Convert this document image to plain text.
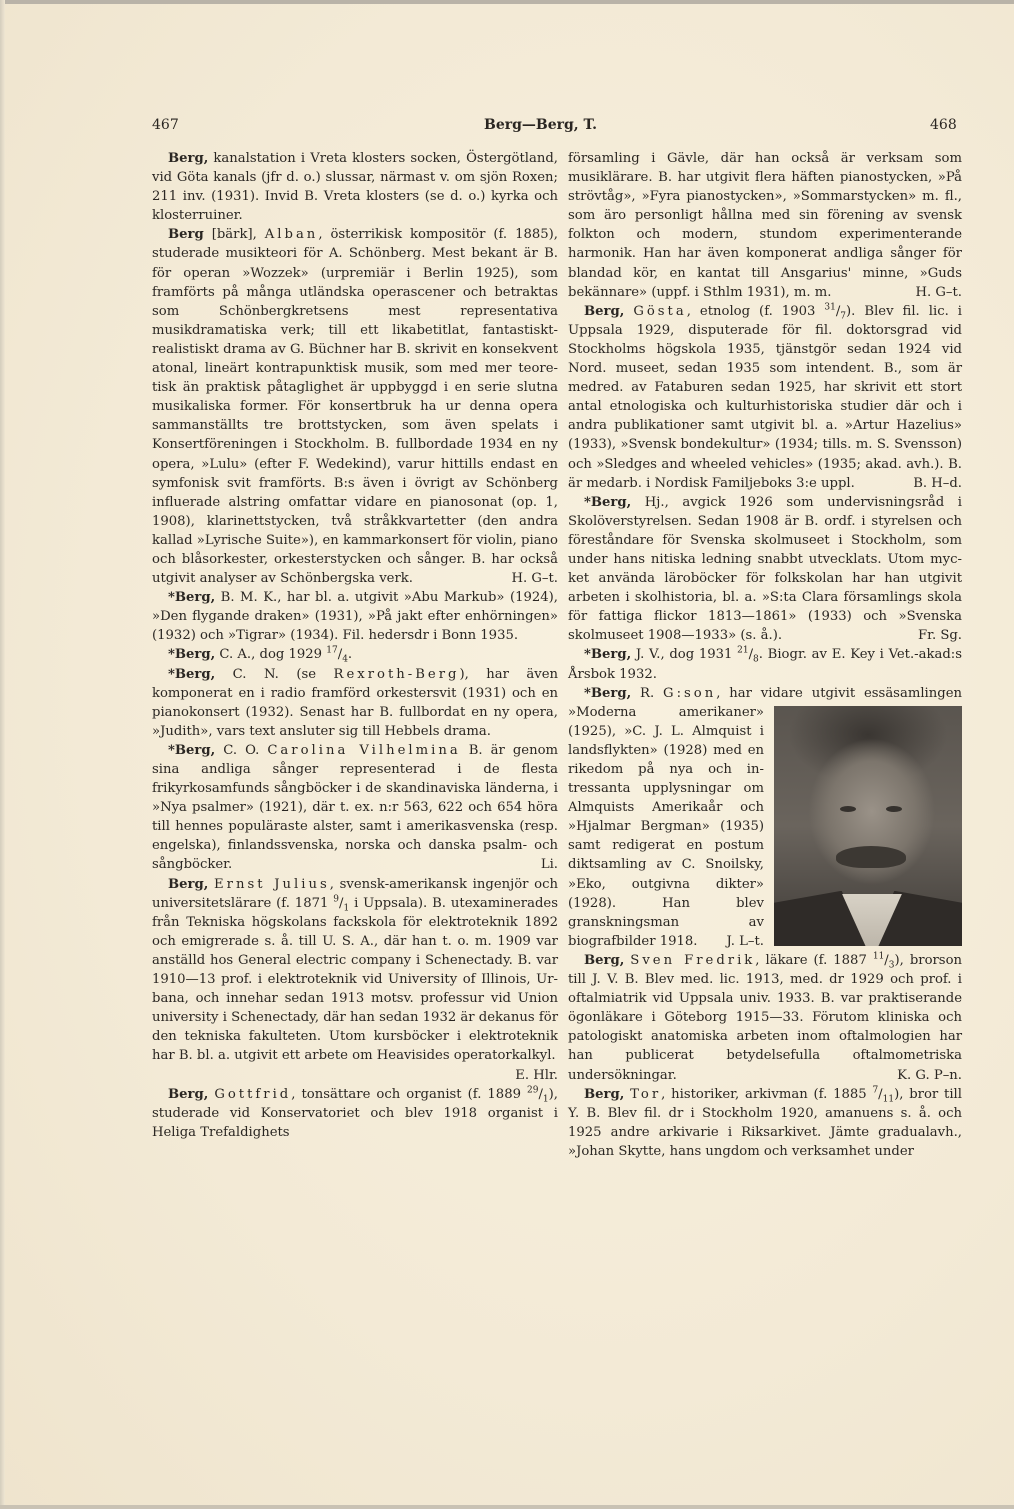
467	Berg—Berg, T.	468

Berg, kanalstation i Vreta klosters socken, Östergötland, vid Göta kanals (jfr d. o.) slussar, närmast v. om sjön Roxen; 211 inv. (1931). Invid B. Vreta klosters (se d. o.) kyrka och klosterruiner.

Berg [bärk], Alban, österrikisk kompositör (f. 1885), studerade musikteori för A. Schönberg. Mest bekant är B. för operan »Wozzek» (urpremiär i Berlin 1925), som framförts på många utländska operascener och betraktas som Schönbergkretsens mest representativa musikdramatiska verk; till ett likabetitlat, fantastiskt-realistiskt drama av G. Büchner har B. skrivit en konsekvent atonal, lineärt kontrapunktisk musik, som med mer teoretisk än praktisk påtaglighet är uppbyggd i en serie slutna musikaliska former. För konsertbruk ha ur denna opera sammanställts tre brottstycken, som även spelats i Konsertföreningen i Stockholm. B. fullbordade 1934 en ny opera, »Lulu» (efter F. Wedekind), varur hittills endast en symfonisk svit framförts. B:s även i övrigt av Schönberg influerade alstring omfattar vidare en pianosonat (op. 1, 1908), klarinettstycken, två stråkkvartetter (den andra kallad »Lyrische Suite»), en kammarkonsert för violin, piano och blåsorkester, orkesterstycken och sånger. B. har också utgivit analyser av Schönbergska verk.	H. G–t.

*Berg, B. M. K., har bl. a. utgivit »Abu Markub» (1924), »Den flygande draken» (1931), »På jakt efter enhörningen» (1932) och »Tigrar» (1934). Fil. hedersdr i Bonn 1935.

*Berg, C. A., dog 1929 $^{17}/_4$.

*Berg, C. N. (se Rexroth-Berg), har även komponerat en i radio framförd orkestersvit (1931) och en pianokonsert (1932). Senast har B. fullbordat en ny opera, »Judith», vars text ansluter sig till Hebbels drama.

*Berg, C. O. Carolina Vilhelmina B. är genom sina andliga sånger representerad i de flesta frikyrkosamfunds sångböcker i de skandinaviska länderna, i »Nya psalmer» (1921), där t. ex. n:r 563, 622 och 654 höra till hennes populäraste alster, samt i amerikasvenska (resp. engelska), finlandssvenska, norska och danska psalm- och sångböcker.	Li.

Berg, Ernst Julius, svensk-amerikansk ingenjör och universitetslärare (f. 1871 $^9/_1$ i Uppsala). B. utexaminerades från Tekniska högskolans fackskola för elektroteknik 1892 och emigrerade s. å. till U. S. A., där han t. o. m. 1909 var anställd hos General electric company i Schenectady. B. var 1910—13 prof. i elektroteknik vid University of Illinois, Urbana, och innehar sedan 1913 motsv. professur vid Union university i Schenectady, där han sedan 1932 är dekanus för den tekniska fakulteten. Utom kursböcker i elektroteknik har B. bl. a. utgivit ett arbete om Heavisides operatorkalkyl.
E. Hlr.

Berg, Gottfrid, tonsättare och organist (f. 1889 $^{29}/_1$), studerade vid Konservatoriet och blev 1918 organist i Heliga Trefaldighets

församling i Gävle, där han också är verksam som musiklärare. B. har utgivit flera häften pianostycken, »På strövtåg», »Fyra pianostycken», »Sommarstycken» m. fl., som äro personligt hållna med sin förening av svensk folkton och modern, stundom experimenterande harmonik. Han har även komponerat andliga sånger för blandad kör, en kantat till Ansgarius' minne, »Guds bekännare» (uppf. i Sthlm 1931), m. m.	H. G–t.

Berg, Gösta, etnolog (f. 1903 $^{31}/_7$). Blev fil. lic. i Uppsala 1929, disputerade för fil. doktorsgrad vid Stockholms högskola 1935, tjänstgör sedan 1924 vid Nord. museet, sedan 1935 som intendent. B., som är medred. av Fataburen sedan 1925, har skrivit ett stort antal etnologiska och kulturhistoriska studier där och i andra publikationer samt utgivit bl. a. »Artur Hazelius» (1933), »Svensk bondekultur» (1934; tills. m. S. Svensson) och »Sledges and wheeled vehicles» (1935; akad. avh.). B. är medarb. i Nordisk Familjeboks 3:e uppl.	B. H–d.

*Berg, Hj., avgick 1926 som undervisningsråd i Skolöverstyrelsen. Sedan 1908 är B. ordf. i styrelsen och föreståndare för Svenska skolmuseet i Stockholm, som under hans nitiska ledning snabbt utvecklats. Utom mycket använda läroböcker för folkskolan har han utgivit arbeten i skolhistoria, bl. a. »S:ta Clara församlings skola för fattiga flickor 1813—1861» (1933) och »Svenska skolmuseet 1908—1933» (s. å.).	Fr. Sg.

*Berg, J. V., dog 1931 $^{21}/_8$. Biogr. av E. Key i Vet.-akad:s Årsbok 1932.

*Berg, R. G:son, har vidare utgivit
essäsamlingen »Moderna amerikaner» (1925), »C. J. L. Almquist i landsflykten» (1928) med en rikedom på nya och intressanta upplysningar om Almquists Amerikaår och »Hjalmar Bergman» (1935) samt redigerat en postum diktsamling av C. Snoilsky, »Eko, outgivna dikter» (1928). Han blev granskningsman av biografbilder 1918.	J. L–t.

Berg, Sven Fredrik, läkare (f. 1887 $^{11}/_3$), brorson till J. V. B. Blev med. lic. 1913, med. dr 1929 och prof. i oftalmiatrik vid Uppsala univ. 1933. B. var praktiserande ögonläkare i Göteborg 1915—33. Förutom kliniska och patologiskt anatomiska arbeten inom oftalmologien har han publicerat betydelsefulla oftalmometriska undersökningar.	K. G. P–n.

Berg, Tor, historiker, arkivman (f. 1885 $^7/_{11}$), bror till Y. B. Blev fil. dr i Stockholm 1920, amanuens s. å. och 1925 andre arkivarie i Riksarkivet. Jämte gradualavh., »Johan Skytte, hans ungdom och verksamhet under
